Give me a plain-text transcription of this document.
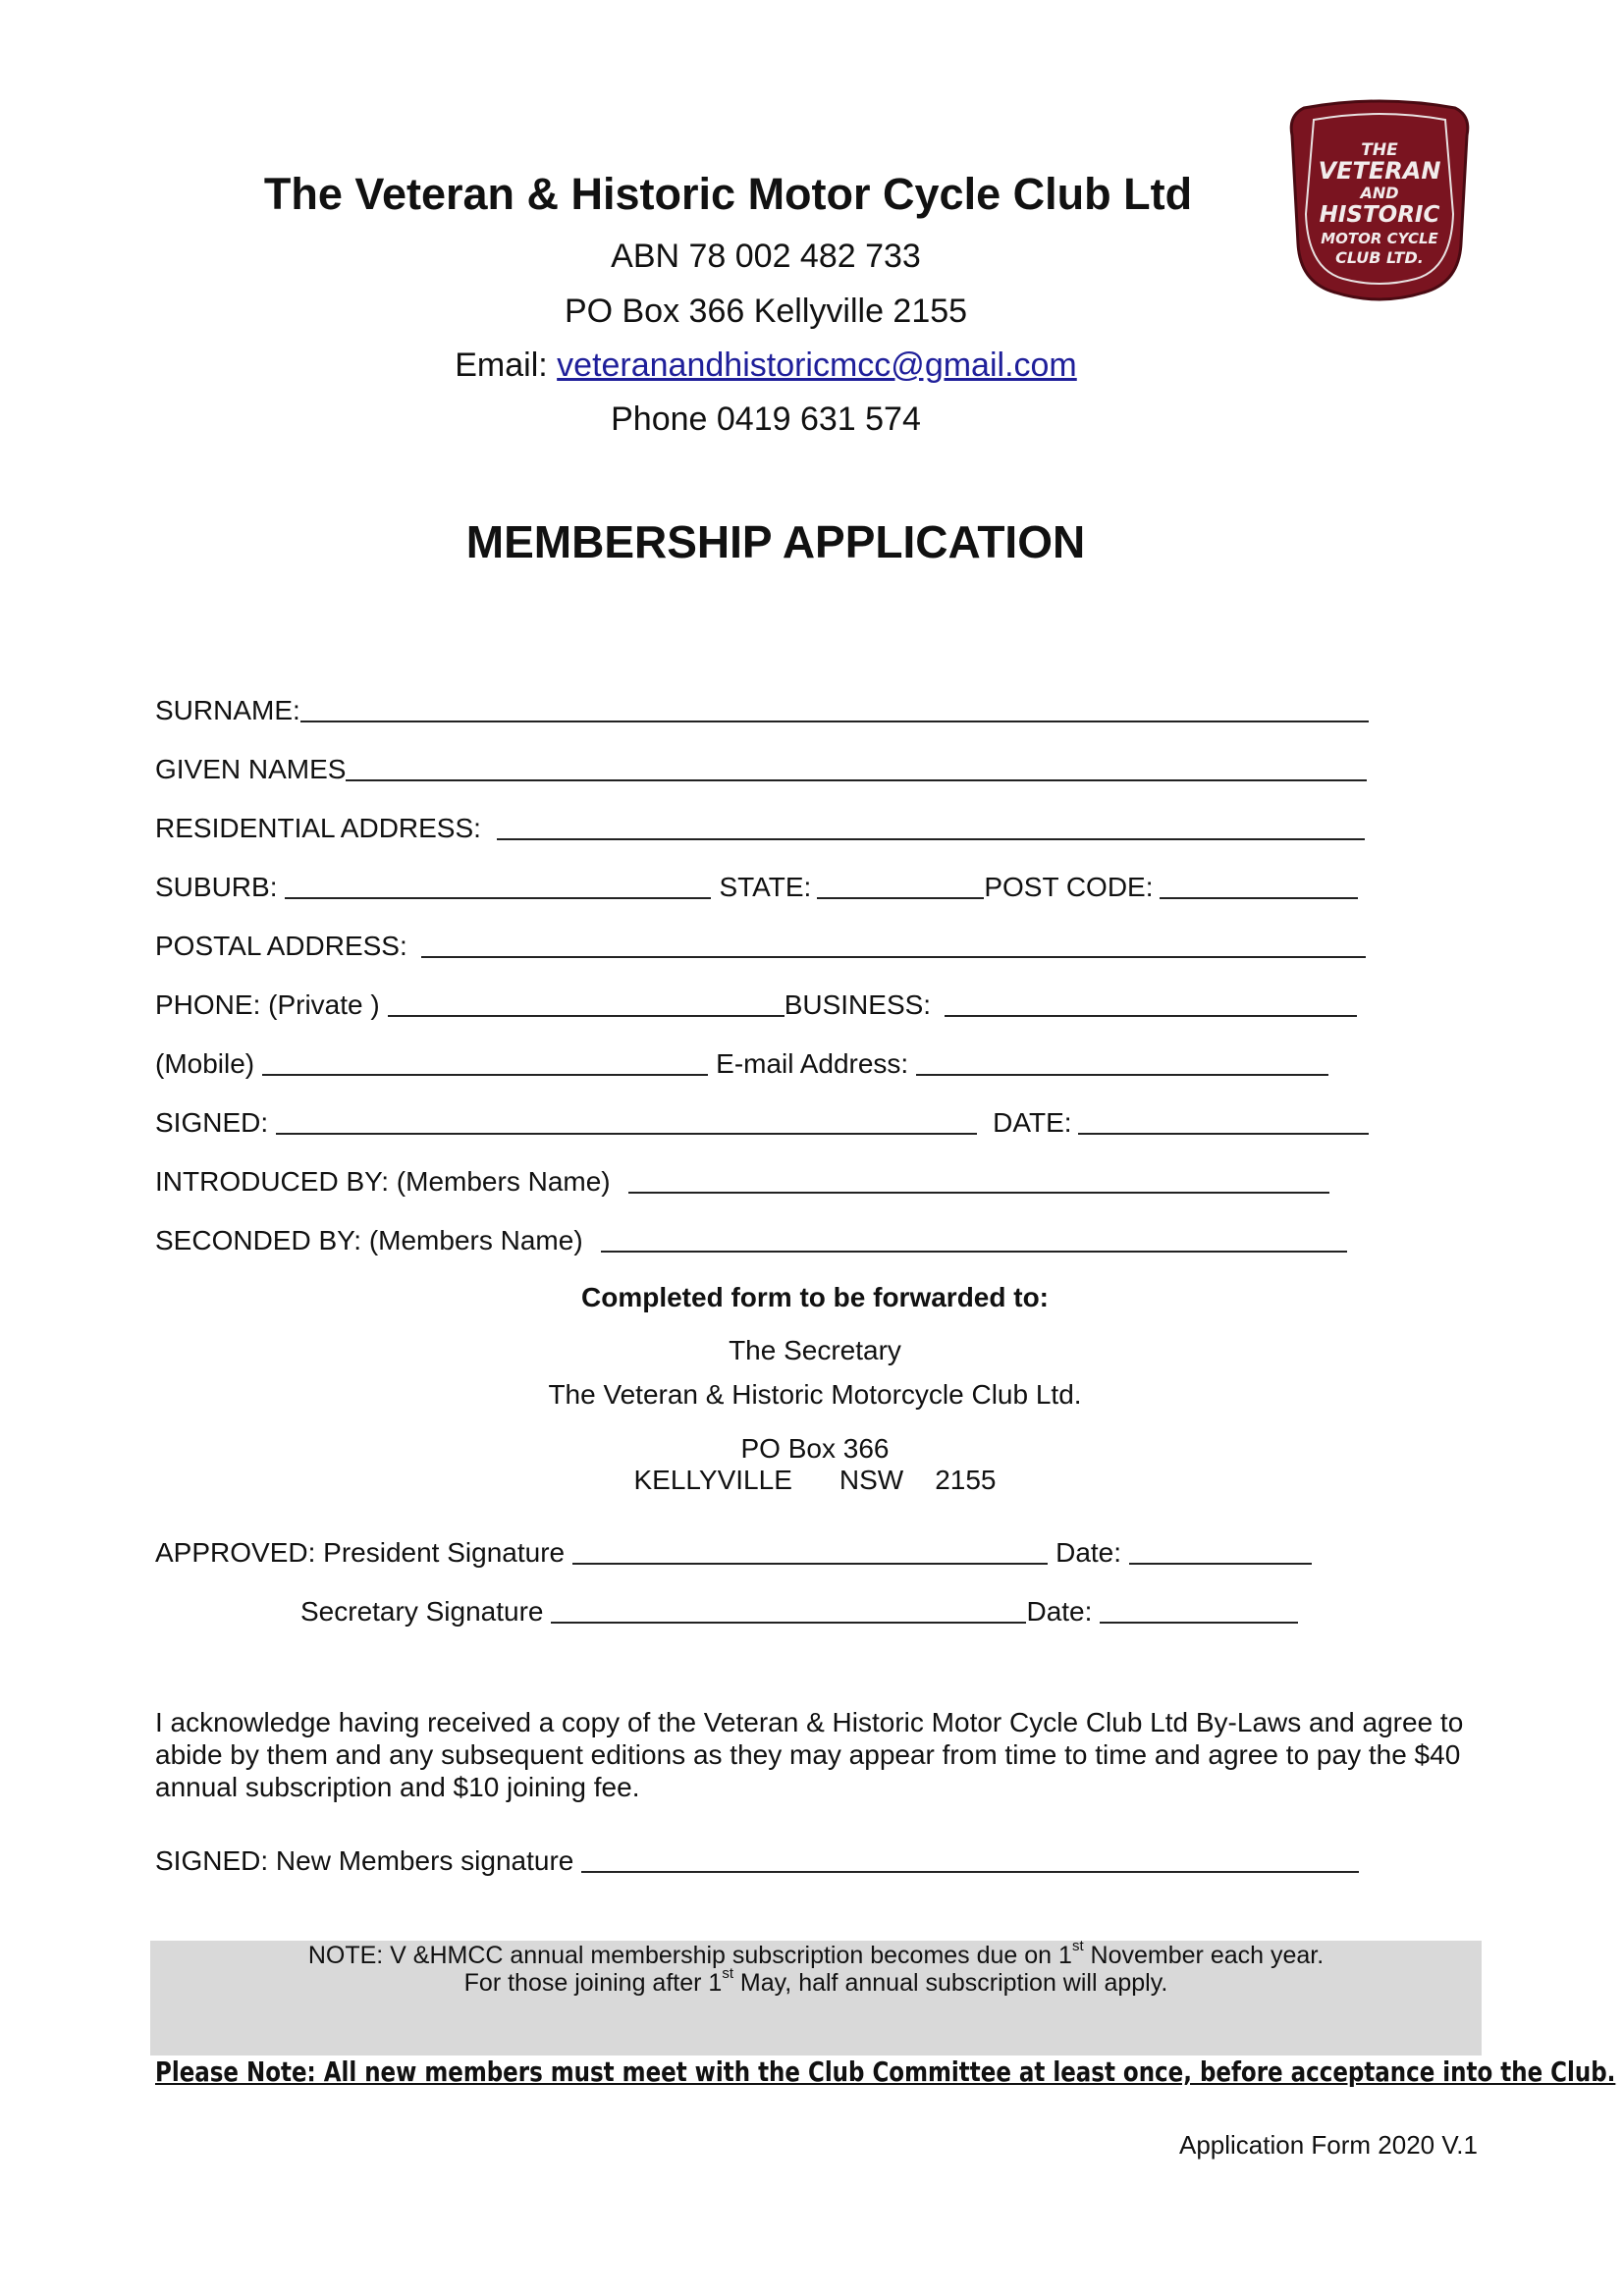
The Veteran & Historic Motor Cycle Club Ltd
ABN 78 002 482 733
PO Box 366 Kellyville 2155
Email: veteranandhistoricmcc@gmail.com
Phone 0419 631 574
THE
VETERAN
AND
HISTORIC
MOTOR CYCLE
CLUB LTD.
MEMBERSHIP APPLICATION
SURNAME:
GIVEN NAMES
RESIDENTIAL ADDRESS:
SUBURB:	STATE:	POST CODE:
POSTAL ADDRESS:
PHONE: (Private )	BUSINESS:
(Mobile)	E-mail Address:
SIGNED:	DATE:
INTRODUCED BY: (Members Name)
SECONDED BY: (Members Name)
Completed form to be forwarded to:
The Secretary
The Veteran & Historic Motorcycle Club Ltd.
PO Box 366
KELLYVILLE NSW 2155
APPROVED: President Signature	Date:
Secretary Signature	Date:
I acknowledge having received a copy of the Veteran & Historic Motor Cycle Club Ltd By-Laws and agree to abide by them and any subsequent editions as they may appear from time to time and agree to pay the $40 annual subscription and $10 joining fee.
SIGNED: New Members signature
NOTE: V &HMCC annual membership subscription becomes due on 1st November each year.
For those joining after 1st May, half annual subscription will apply.
Please Note: All new members must meet with the Club Committee at least once, before acceptance into the Club.
Application Form 2020 V.1
